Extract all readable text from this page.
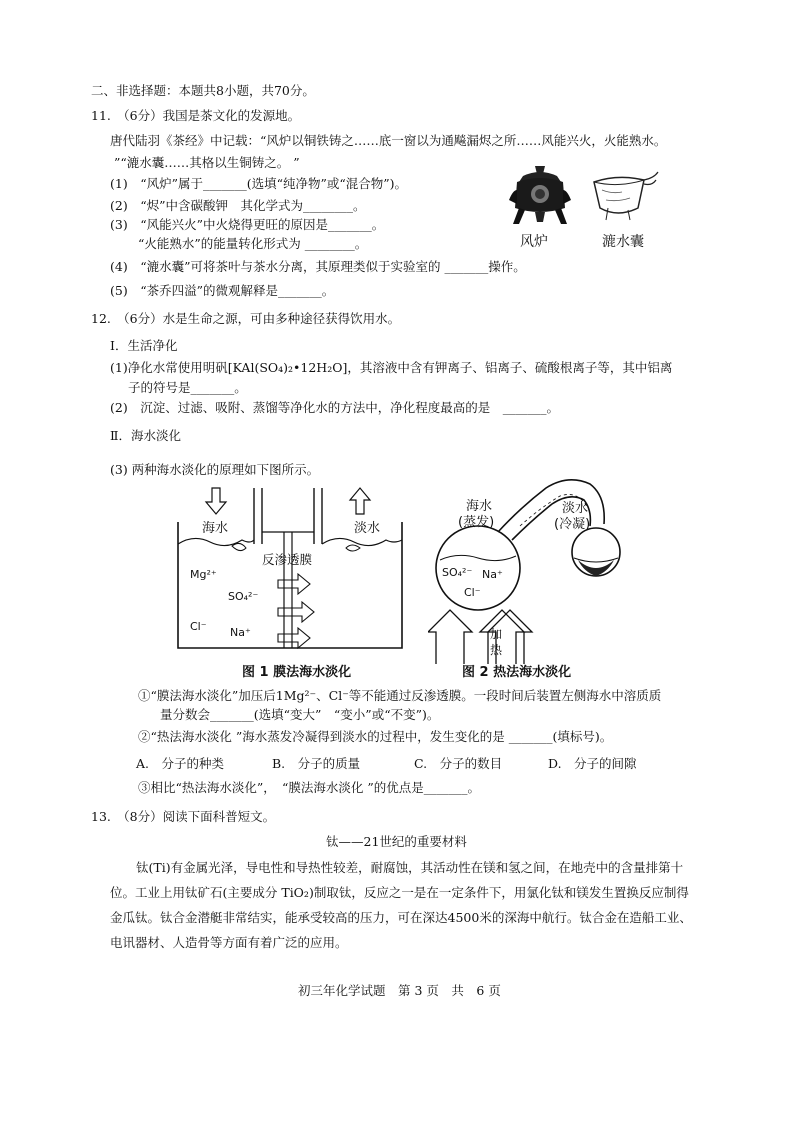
二、非选择题：本题共8小题，共70分。
11.　（6分）我国是茶文化的发源地。
唐代陆羽《茶经》中记载：“风炉以铜铁铸之……底一窗以为通飚漏烬之所……风能兴火，火能熟水。
”“漉水囊……其格以生铜铸之。 ”
(1)　“风炉”属于_______(选填“纯净物”或“混合物”)。
(2)　“烬”中含碳酸钾　其化学式为________。
(3)　“风能兴火”中火烧得更旺的原因是_______。
“火能熟水”的能量转化形式为 ________。
(4)　“漉水囊”可将茶叶与茶水分离，其原理类似于实验室的 _______操作。
(5)　“茶乔四溢”的微观解释是_______。
风炉	漉水囊
12.　（6分）水是生命之源，可由多种途径获得饮用水。
Ⅰ．生活净化
(1)净化水常使用明矾[KAl(SO₄)₂•12H₂O]，其溶液中含有钾离子、铝离子、硫酸根离子等，其中铝离
子的符号是_______。
(2)　沉淀、过滤、吸附、蒸馏等净化水的方法中，净化程度最高的是　_______。
Ⅱ．海水淡化
(3) 两种海水淡化的原理如下图所示。
海水	淡水
反渗透膜
Mg²⁺
SO₄²⁻
Cl⁻ Na⁺
海水
(蒸发)
淡水
(冷凝)
SO₄²⁻ Na⁺
Cl⁻
加
热
图 1 膜法海水淡化	图 2 热法海水淡化
①“膜法海水淡化”加压后1Mg²⁻、Cl⁻等不能通过反渗透膜。一段时间后装置左侧海水中溶质质
量分数会_______(选填“变大”　“变小”或“不变”)。
②“热法海水淡化 ”海水蒸发冷凝得到淡水的过程中，发生变化的是 _______(填标号)。
A.　分子的种类	B.　分子的质量	C.　分子的数目	D.　分子的间隙
③相比“热法海水淡化”，　“膜法海水淡化 ”的优点是_______。
13.　（8分）阅读下面科普短文。
钛——21世纪的重要材料
钛(Ti)有金属光泽，导电性和导热性较差，耐腐蚀，其活动性在镁和氢之间，在地壳中的含量排第十
位。工业上用钛矿石(主要成分 TiO₂)制取钛，反应之一是在一定条件下，用氯化钛和镁发生置换反应制得
金瓜钛。钛合金潜艇非常结实，能承受较高的压力，可在深达4500米的深海中航行。钛合金在造船工业、
电讯器材、人造骨等方面有着广泛的应用。
初三年化学试题　第 3 页　共　6 页
